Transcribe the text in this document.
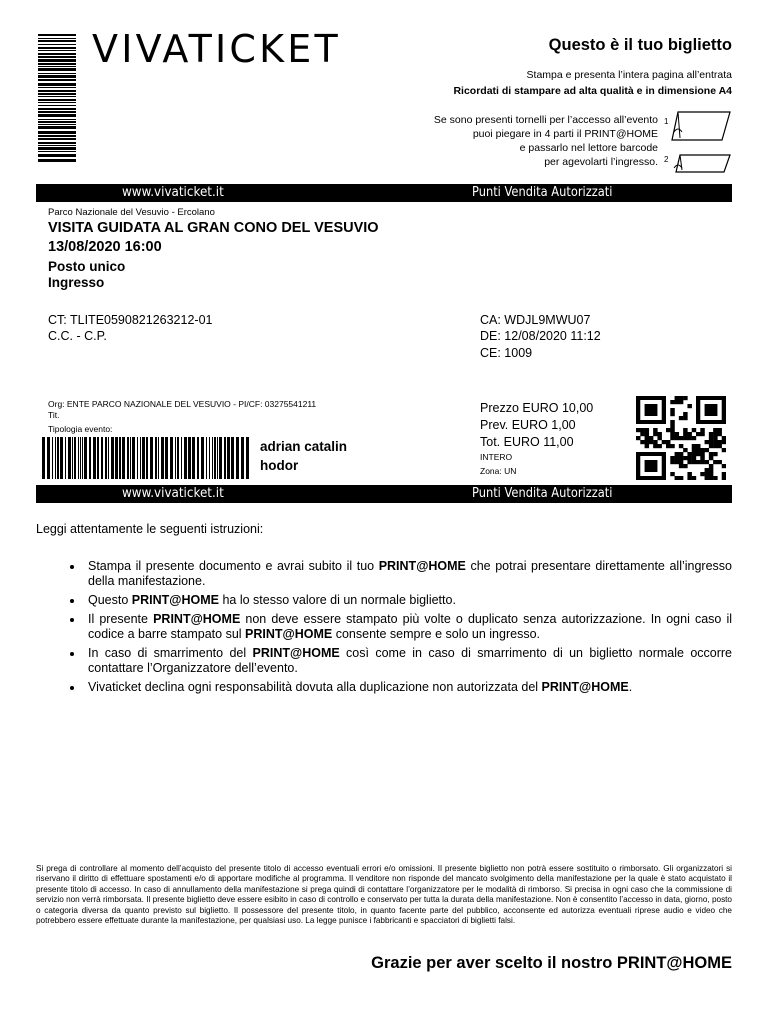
VIVATICKET	Questo è il tuo biglietto
Stampa e presenta l’intera pagina all’entrata
Ricordati di stampare ad alta qualità e in dimensione A4
Se sono presenti tornelli per l’accesso all’evento
puoi piegare in 4 parti il PRINT@HOME
e passarlo nel lettore barcode
per agevolarti l’ingresso.
1
2
www.vivaticket.it	Punti Vendita Autorizzati
Parco Nazionale del Vesuvio - Ercolano
VISITA GUIDATA AL GRAN CONO DEL VESUVIO
13/08/2020 16:00
Posto unico
Ingresso
CT: TLITE0590821263212-01
C.C. - C.P.
CA: WDJL9MWU07
DE: 12/08/2020 11:12
CE: 1009
Org: ENTE PARCO NAZIONALE DEL VESUVIO - PI/CF: 03275541211
Tit.
Tipologia evento:
adrian catalin
hodor
Prezzo EURO 10,00
Prev. EURO 1,00
Tot. EURO 11,00
INTERO
Zona: UN
www.vivaticket.it	Punti Vendita Autorizzati
Leggi attentamente le seguenti istruzioni:
• Stampa il presente documento e avrai subito il tuo PRINT@HOME che potrai presentare direttamente all’ingresso della manifestazione.
• Questo PRINT@HOME ha lo stesso valore di un normale biglietto.
• Il presente PRINT@HOME non deve essere stampato più volte o duplicato senza autorizzazione. In ogni caso il codice a barre stampato sul PRINT@HOME consente sempre e solo un ingresso.
• In caso di smarrimento del PRINT@HOME così come in caso di smarrimento di un biglietto normale occorre contattare l’Organizzatore dell’evento.
• Vivaticket declina ogni responsabilità dovuta alla duplicazione non autorizzata del PRINT@HOME.
Si prega di controllare al momento dell’acquisto del presente titolo di accesso eventuali errori e/o omissioni. Il presente biglietto non potrà essere sostituito o rimborsato. Gli organizzatori si riservano il diritto di effettuare spostamenti e/o di apportare modifiche al programma. Il venditore non risponde del mancato svolgimento della manifestazione per la quale è stato acquistato il presente titolo di accesso. In caso di annullamento della manifestazione si prega quindi di contattare l’organizzatore per le modalità di rimborso. Si precisa in ogni caso che la commissione di servizio non verrà rimborsata. Il presente biglietto deve essere esibito in caso di controllo e conservato per tutta la durata della manifestazione. Non è consentito l’accesso in data, giorno, posto o categoria diversa da quanto previsto sul biglietto. Il possessore del presente titolo, in quanto facente parte del pubblico, acconsente ed autorizza eventuali riprese audio e video che potrebbero essere effettuate durante la manifestazione, per qualsiasi uso. La legge punisce i fabbricanti e spacciatori di biglietti falsi.
Grazie per aver scelto il nostro PRINT@HOME
